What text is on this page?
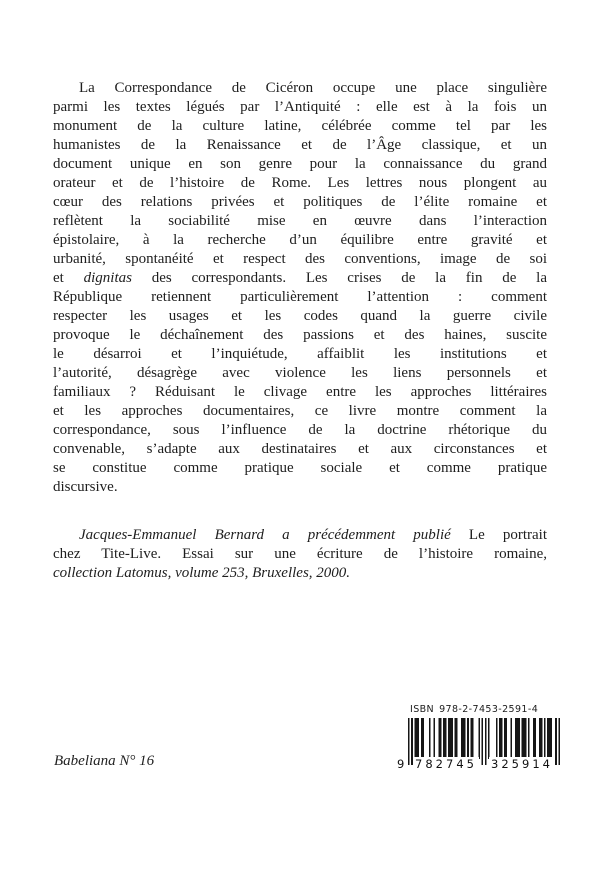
La Correspondance de Cicéron occupe une place singulière
parmi les textes légués par l’Antiquité : elle est à la fois un
monument de la culture latine, célébrée comme tel par les
humanistes de la Renaissance et de l’Âge classique, et un
document unique en son genre pour la connaissance du grand
orateur et de l’histoire de Rome. Les lettres nous plongent au
cœur des relations privées et politiques de l’élite romaine et
reflètent la sociabilité mise en œuvre dans l’interaction
épistolaire, à la recherche d’un équilibre entre gravité et
urbanité, spontanéité et respect des conventions, image de soi
et dignitas des correspondants. Les crises de la fin de la
République retiennent particulièrement l’attention : comment
respecter les usages et les codes quand la guerre civile
provoque le déchaînement des passions et des haines, suscite
le désarroi et l’inquiétude, affaiblit les institutions et
l’autorité, désagrège avec violence les liens personnels et
familiaux ? Réduisant le clivage entre les approches littéraires
et les approches documentaires, ce livre montre comment la
correspondance, sous l’influence de la doctrine rhétorique du
convenable, s’adapte aux destinataires et aux circonstances et
se constitue comme pratique sociale et comme pratique
discursive.
Jacques-Emmanuel Bernard a précédemment publié Le portrait
chez Tite-Live. Essai sur une écriture de l’histoire romaine,
collection Latomus, volume 253, Bruxelles, 2000.
Babeliana N° 16
ISBN 978-2-7453-2591-4
9 782745 325914
